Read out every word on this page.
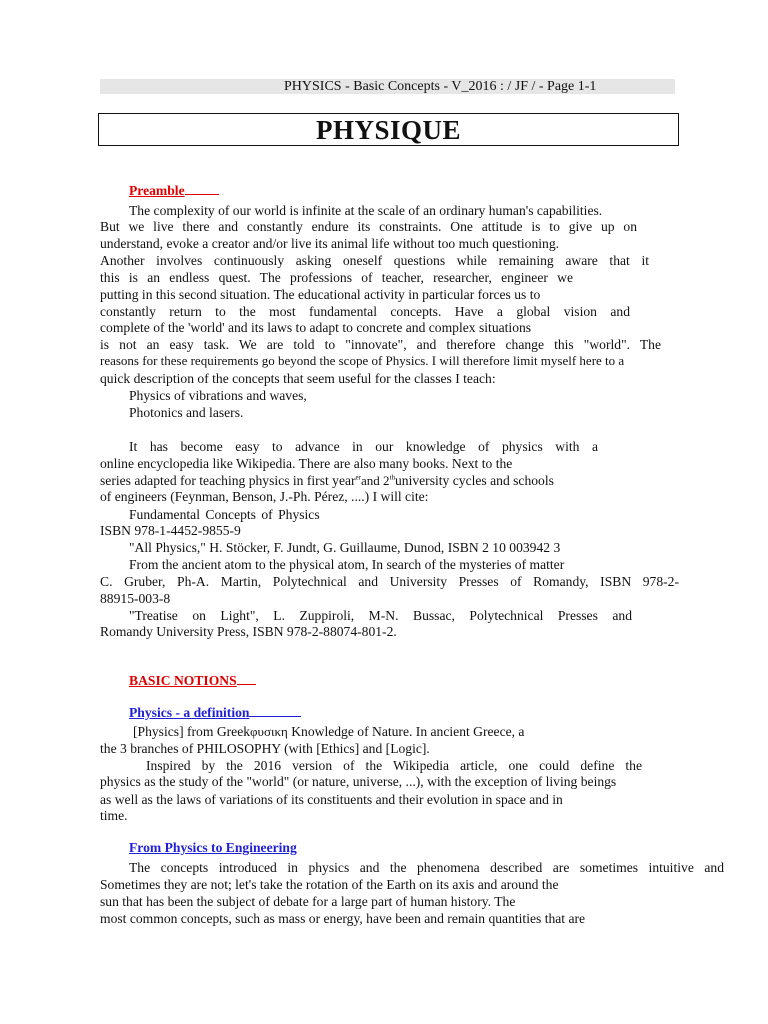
PHYSICS - Basic Concepts - V_2016 : / JF / - Page 1-1
PHYSIQUE
Preamble
The complexity of our world is infinite at the scale of an ordinary human's capabilities.
But we live there and constantly endure its constraints. One attitude is to give up on
understand, evoke a creator and/or live its animal life without too much questioning.
Another involves continuously asking oneself questions while remaining aware that it
this is an endless quest. The professions of teacher, researcher, engineer we
putting in this second situation. The educational activity in particular forces us to
constantly return to the most fundamental concepts. Have a global vision and
complete of the 'world' and its laws to adapt to concrete and complex situations
is not an easy task. We are told to "innovate", and therefore change this "world". The
reasons for these requirements go beyond the scope of Physics. I will therefore limit myself here to a
quick description of the concepts that seem useful for the classes I teach:
Physics of vibrations and waves,
Photonics and lasers.
It has become easy to advance in our knowledge of physics with a
online encyclopedia like Wikipedia. There are also many books. Next to the
series adapted for teaching physics in first year$^{er}$and 2thuniversity cycles and schools
of engineers (Feynman, Benson, J.-Ph. Pérez, ....) I will cite:
Fundamental Concepts of Physics
ISBN 978-1-4452-9855-9
"All Physics," H. Stöcker, F. Jundt, G. Guillaume, Dunod, ISBN 2 10 003942 3
From the ancient atom to the physical atom, In search of the mysteries of matter
C. Gruber, Ph-A. Martin, Polytechnical and University Presses of Romandy, ISBN 978-2-
88915-003-8
"Treatise on Light", L. Zuppiroli, M-N. Bussac, Polytechnical Presses and
Romandy University Press, ISBN 978-2-88074-801-2.
BASIC NOTIONS
Physics - a definition
[Physics] from Greekφυσικη Knowledge of Nature. In ancient Greece, a
the 3 branches of PHILOSOPHY (with [Ethics] and [Logic].
Inspired by the 2016 version of the Wikipedia article, one could define the
physics as the study of the "world" (or nature, universe, ...), with the exception of living beings
as well as the laws of variations of its constituents and their evolution in space and in
time.
From Physics to Engineering
The concepts introduced in physics and the phenomena described are sometimes intuitive and
Sometimes they are not; let's take the rotation of the Earth on its axis and around the
sun that has been the subject of debate for a large part of human history. The
most common concepts, such as mass or energy, have been and remain quantities that are
